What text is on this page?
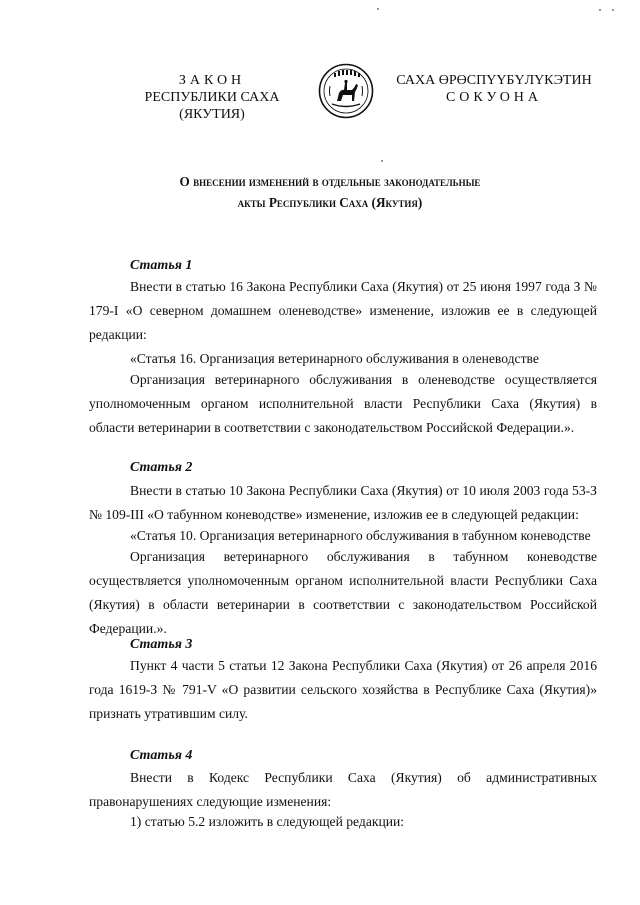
ЗАКОН
РЕСПУБЛИКИ САХА (ЯКУТИЯ)
САХА ӨРӨСПҮҮБҮЛҮКЭТИН
СОКУОНА
О внесении изменений в отдельные законодательные
акты Республики Саха (Якутия)
Статья 1
Внести в статью 16 Закона Республики Саха (Якутия) от 25 июня 1997 года З № 179-I «О северном домашнем оленеводстве» изменение, изложив ее в следующей редакции:
«Статья 16. Организация ветеринарного обслуживания в оленеводстве
Организация ветеринарного обслуживания в оленеводстве осуществляется уполномоченным органом исполнительной власти Республики Саха (Якутия) в области ветеринарии в соответствии с законодательством Российской Федерации.».
Статья 2
Внести в статью 10 Закона Республики Саха (Якутия) от 10 июля 2003 года 53-З № 109-III «О табунном коневодстве» изменение, изложив ее в следующей редакции:
«Статья 10. Организация ветеринарного обслуживания в табунном коневодстве
Организация ветеринарного обслуживания в табунном коневодстве осуществляется уполномоченным органом исполнительной власти Республики Саха (Якутия) в области ветеринарии в соответствии с законодательством Российской Федерации.».
Статья 3
Пункт 4 части 5 статьи 12 Закона Республики Саха (Якутия) от 26 апреля 2016 года 1619-З № 791-V «О развитии сельского хозяйства в Республике Саха (Якутия)» признать утратившим силу.
Статья 4
Внести в Кодекс Республики Саха (Якутия) об административных правонарушениях следующие изменения:
1) статью 5.2 изложить в следующей редакции:
